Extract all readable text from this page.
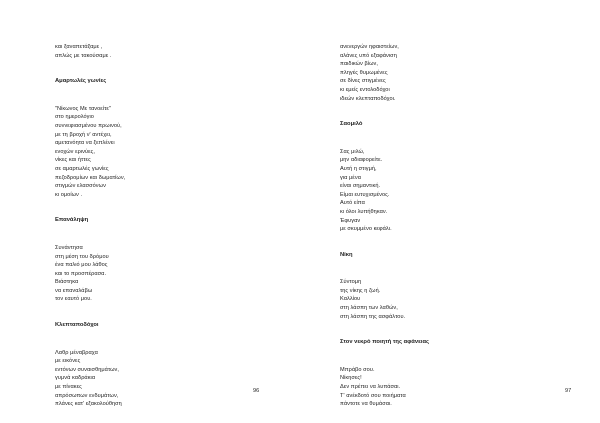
και ξαναπετάξαμε ,
απλώς με τακούσαμε .
Αμαρτωλές γωνίες
"Νίκωνος Με τανοείτε"
στο ημερολόγιο
συννεφιασμένου πρωινού,
με τη βροχή ν' αντέχει,
αμετανόητα να ξεπλένει
ενοχών ερινύες,
νίκες και ήττες
σε αμαρτωλές γωνίες
πεζοδρομίων και δωματίων,
στιγμών ελασσόνων
κι ομοίων .
Επανάληψη
Συνάντησα
στη μέση του δρόμου
ένα παλιό μου λάθος
και το προσπέρασα.
Βιάστηκα
να επαναλάβω
τον εαυτό μου.
Κλεπταποδόχοι
Λαθρ μέναβραχα
με εικόνες
εντόνων συναισθημάτων,
γυμνά καδράκια
με πίνακες
απρόσωπων ενδυμάτων,
πλάνες κατ' εξακολούθηση
96
ανενεργών ηφαιστείων,
αλάνες υπό εξαφάνιση
παιδικών βίων,
πληγές θυμωμένες
σε δίνες στιγμένες
κι εμείς εντολοδόχοι
ιδεών κλεπταποδόχοι.
Σαομιλό
Σας μιλώ,
μην αδιαφορείτε.
Αυτή η στιγμή,
για μένα
είναι σημαντική.
Είμαι ευτυχισμένος.
Αυτό είπα
κι όλοι λυπήθηκαν.
Έφυγαν
με σκυμμένο κεφάλι.
Νίκη
Σύντομη
της νίκης η ζωή.
Καλλίου
στη λάσπη των λαθών,
στη λάσπη της ασφάλτου.
Στον νεκρό ποιητή της αφάνειας
Μπράβο σου.
Νίκησες!
Δεν πρέπει να λυπάσαι.
Τ' ανέκδοτό σου ποιήματα
πάντοτε να θυμάσαι.
97
